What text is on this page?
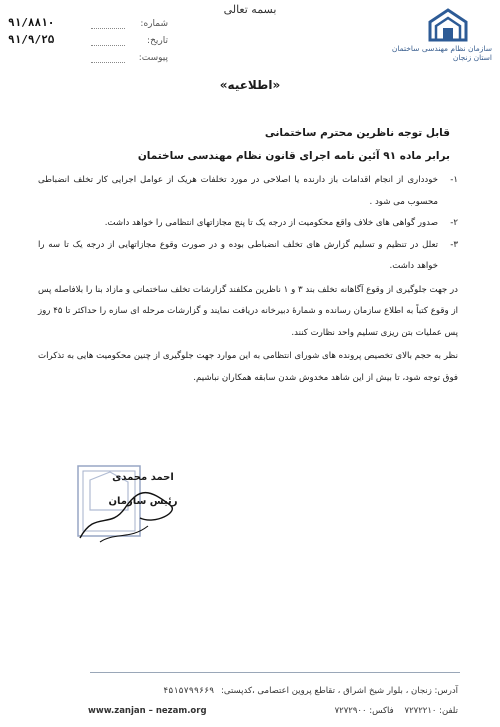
بسمه تعالی
۹۱/۸۸۱۰	شماره:
۹۱/۹/۲۵	تاریخ:
پیوست:
سازمان نظام مهندسی ساختمان
استان زنجان
«اطلاعیه»
قابل توجه ناظرین محترم ساختمانی
برابر ماده ۹۱ آئین نامه اجرای قانون نظام مهندسی ساختمان
۱-
خودداری از انجام اقدامات باز دارنده یا اصلاحی در مورد تخلفات هریک از عوامل اجرایی کار تخلف انضباطی محسوب می شود .
۲-
صدور گواهی های خلاف واقع محکومیت از درجه یک تا پنج مجازاتهای انتظامی را خواهد داشت.
۳-
تعلل در تنظیم و تسلیم گزارش های تخلف انضباطی بوده و در صورت وقوع مجازاتهایی از درجه یک تا سه را خواهد داشت.
در جهت جلوگیری از وقوع آگاهانه تخلف بند ۳ و ۱ ناظرین مکلفند گزارشات تخلف ساختمانی و مازاد بنا را بلافاصله پس از وقوع کتباً به اطلاع سازمان رسانده و شمارهٔ دبیرخانه دریافت نمایند و گزارشات مرحله ای سازه را حداکثر تا ۴۵ روز پس عملیات بتن ریزی تسلیم واحد نظارت کنند.
نظر به حجم بالای تخصیص پرونده های شورای انتظامی به این موارد جهت جلوگیری از چنین محکومیت هایی به تذکرات فوق توجه شود، تا بیش از این شاهد مخدوش شدن سابقه همکاران نباشیم.
احمد محمدی
رئیس سازمان
آدرس: زنجان ، بلوار شیخ اشراق ، تقاطع پروین اعتصامی ،کدپستی: ۴۵۱۵۷۹۹۶۶۹
www.zanjan – nezam.org	تلفن: ۷۲۷۲۲۱۰    فاکس: ۷۲۷۲۹۰۰
